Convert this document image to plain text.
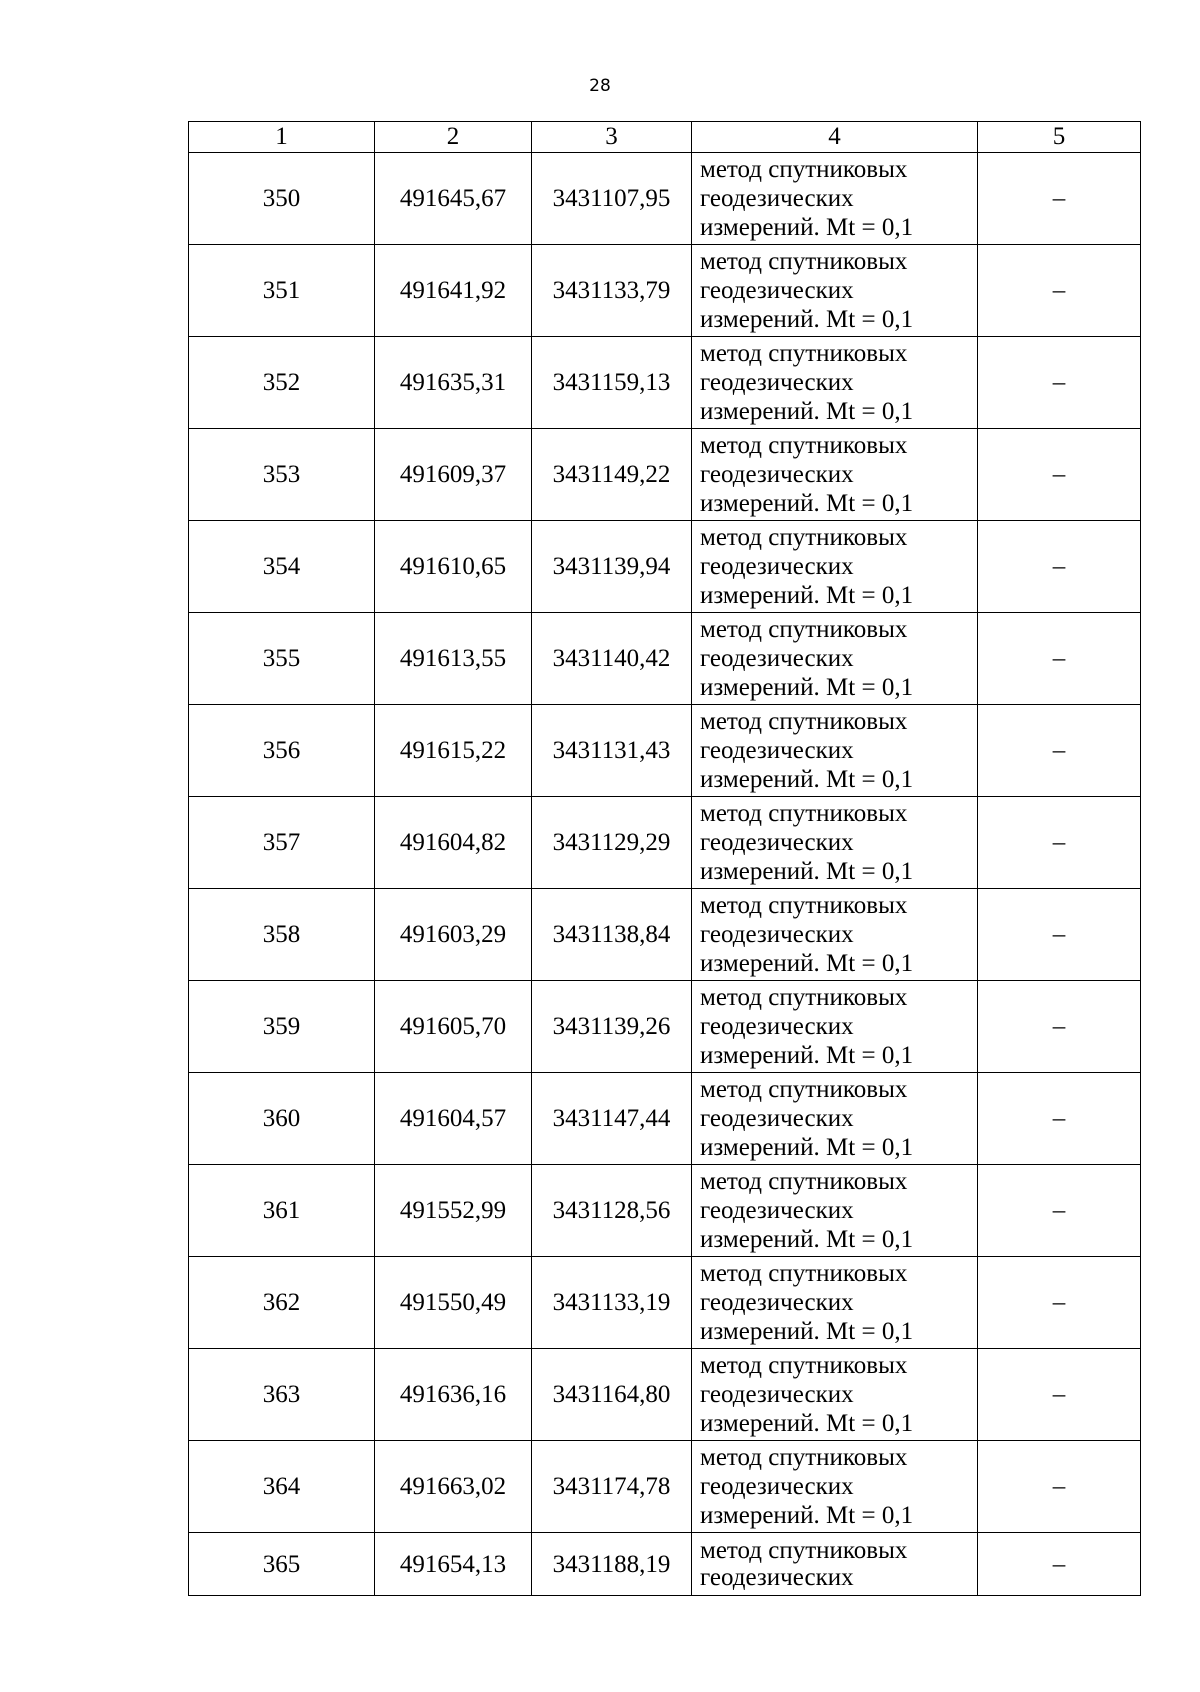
28
1	2	3	4	5
350	491645,67	3431107,95	метод спутниковых
геодезических
измерений. Mt = 0,1	–
351	491641,92	3431133,79	метод спутниковых
геодезических
измерений. Mt = 0,1	–
352	491635,31	3431159,13	метод спутниковых
геодезических
измерений. Mt = 0,1	–
353	491609,37	3431149,22	метод спутниковых
геодезических
измерений. Mt = 0,1	–
354	491610,65	3431139,94	метод спутниковых
геодезических
измерений. Mt = 0,1	–
355	491613,55	3431140,42	метод спутниковых
геодезических
измерений. Mt = 0,1	–
356	491615,22	3431131,43	метод спутниковых
геодезических
измерений. Mt = 0,1	–
357	491604,82	3431129,29	метод спутниковых
геодезических
измерений. Mt = 0,1	–
358	491603,29	3431138,84	метод спутниковых
геодезических
измерений. Mt = 0,1	–
359	491605,70	3431139,26	метод спутниковых
геодезических
измерений. Mt = 0,1	–
360	491604,57	3431147,44	метод спутниковых
геодезических
измерений. Mt = 0,1	–
361	491552,99	3431128,56	метод спутниковых
геодезических
измерений. Mt = 0,1	–
362	491550,49	3431133,19	метод спутниковых
геодезических
измерений. Mt = 0,1	–
363	491636,16	3431164,80	метод спутниковых
геодезических
измерений. Mt = 0,1	–
364	491663,02	3431174,78	метод спутниковых
геодезических
измерений. Mt = 0,1	–
365	491654,13	3431188,19	метод спутниковых
геодезических	–
